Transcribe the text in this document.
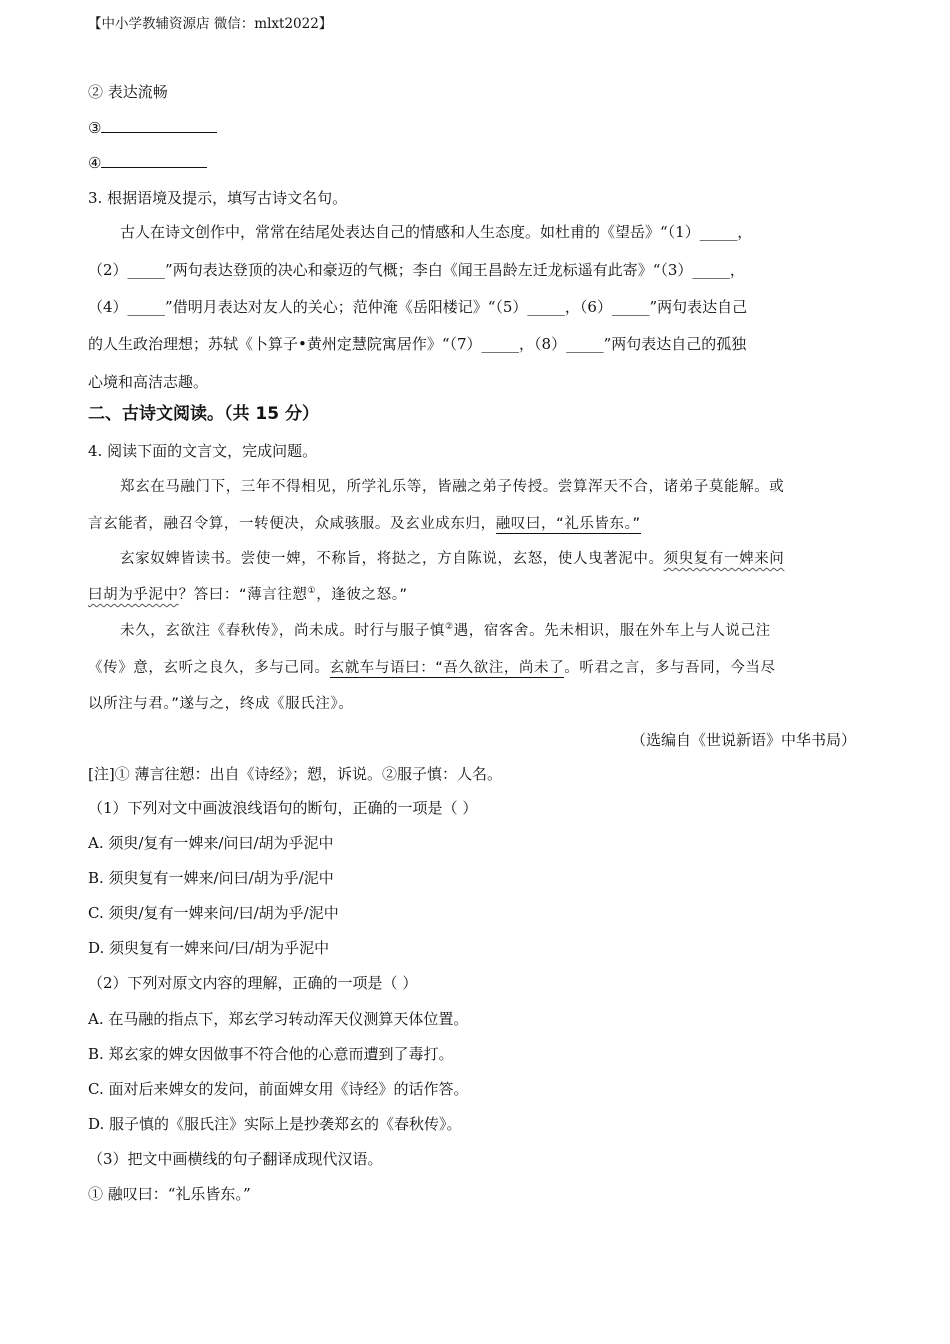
【中小学教辅资源店 微信：mlxt2022】
② 表达流畅
③
④
3. 根据语境及提示，填写古诗文名句。
古人在诗文创作中，常常在结尾处表达自己的情感和人生态度。如杜甫的《望岳》“（1）_____，
（2）_____”两句表达登顶的决心和豪迈的气概；李白《闻王昌龄左迁龙标遥有此寄》“（3）_____，
（4）_____”借明月表达对友人的关心；范仲淹《岳阳楼记》“（5）_____，（6）_____”两句表达自己
的人生政治理想；苏轼《卜算子•黄州定慧院寓居作》“（7）_____，（8）_____”两句表达自己的孤独
心境和高洁志趣。
二、古诗文阅读。（共 15 分）
4. 阅读下面的文言文，完成问题。
郑玄在马融门下，三年不得相见，所学礼乐等，皆融之弟子传授。尝算浑天不合，诸弟子莫能解。或
言玄能者，融召令算，一转便决，众咸骇服。及玄业成东归，融叹曰，“礼乐皆东。”
玄家奴婢皆读书。尝使一婢，不称旨，将挞之，方自陈说，玄怒，使人曳著泥中。须臾复有一婢来问
曰胡为乎泥中？答曰：“薄言往愬①，逢彼之怒。”
未久，玄欲注《春秋传》，尚未成。时行与服子慎②遇，宿客舍。先未相识，服在外车上与人说己注
《传》意，玄听之良久，多与己同。玄就车与语曰：“吾久欲注，尚未了。听君之言，多与吾同，今当尽
以所注与君。”遂与之，终成《服氏注》。
（选编自《世说新语》中华书局）
[注]① 薄言往愬：出自《诗经》；愬，诉说。②服子慎：人名。
（1）下列对文中画波浪线语句的断句，正确的一项是（ ）
A. 须臾/复有一婢来/问曰/胡为乎泥中
B. 须臾复有一婢来/问曰/胡为乎/泥中
C. 须臾/复有一婢来问/曰/胡为乎/泥中
D. 须臾复有一婢来问/曰/胡为乎泥中
（2）下列对原文内容的理解，正确的一项是（ ）
A. 在马融的指点下，郑玄学习转动浑天仪测算天体位置。
B. 郑玄家的婢女因做事不符合他的心意而遭到了毒打。
C. 面对后来婢女的发问，前面婢女用《诗经》的话作答。
D. 服子慎的《服氏注》实际上是抄袭郑玄的《春秋传》。
（3）把文中画横线的句子翻译成现代汉语。
① 融叹曰：“礼乐皆东。”
